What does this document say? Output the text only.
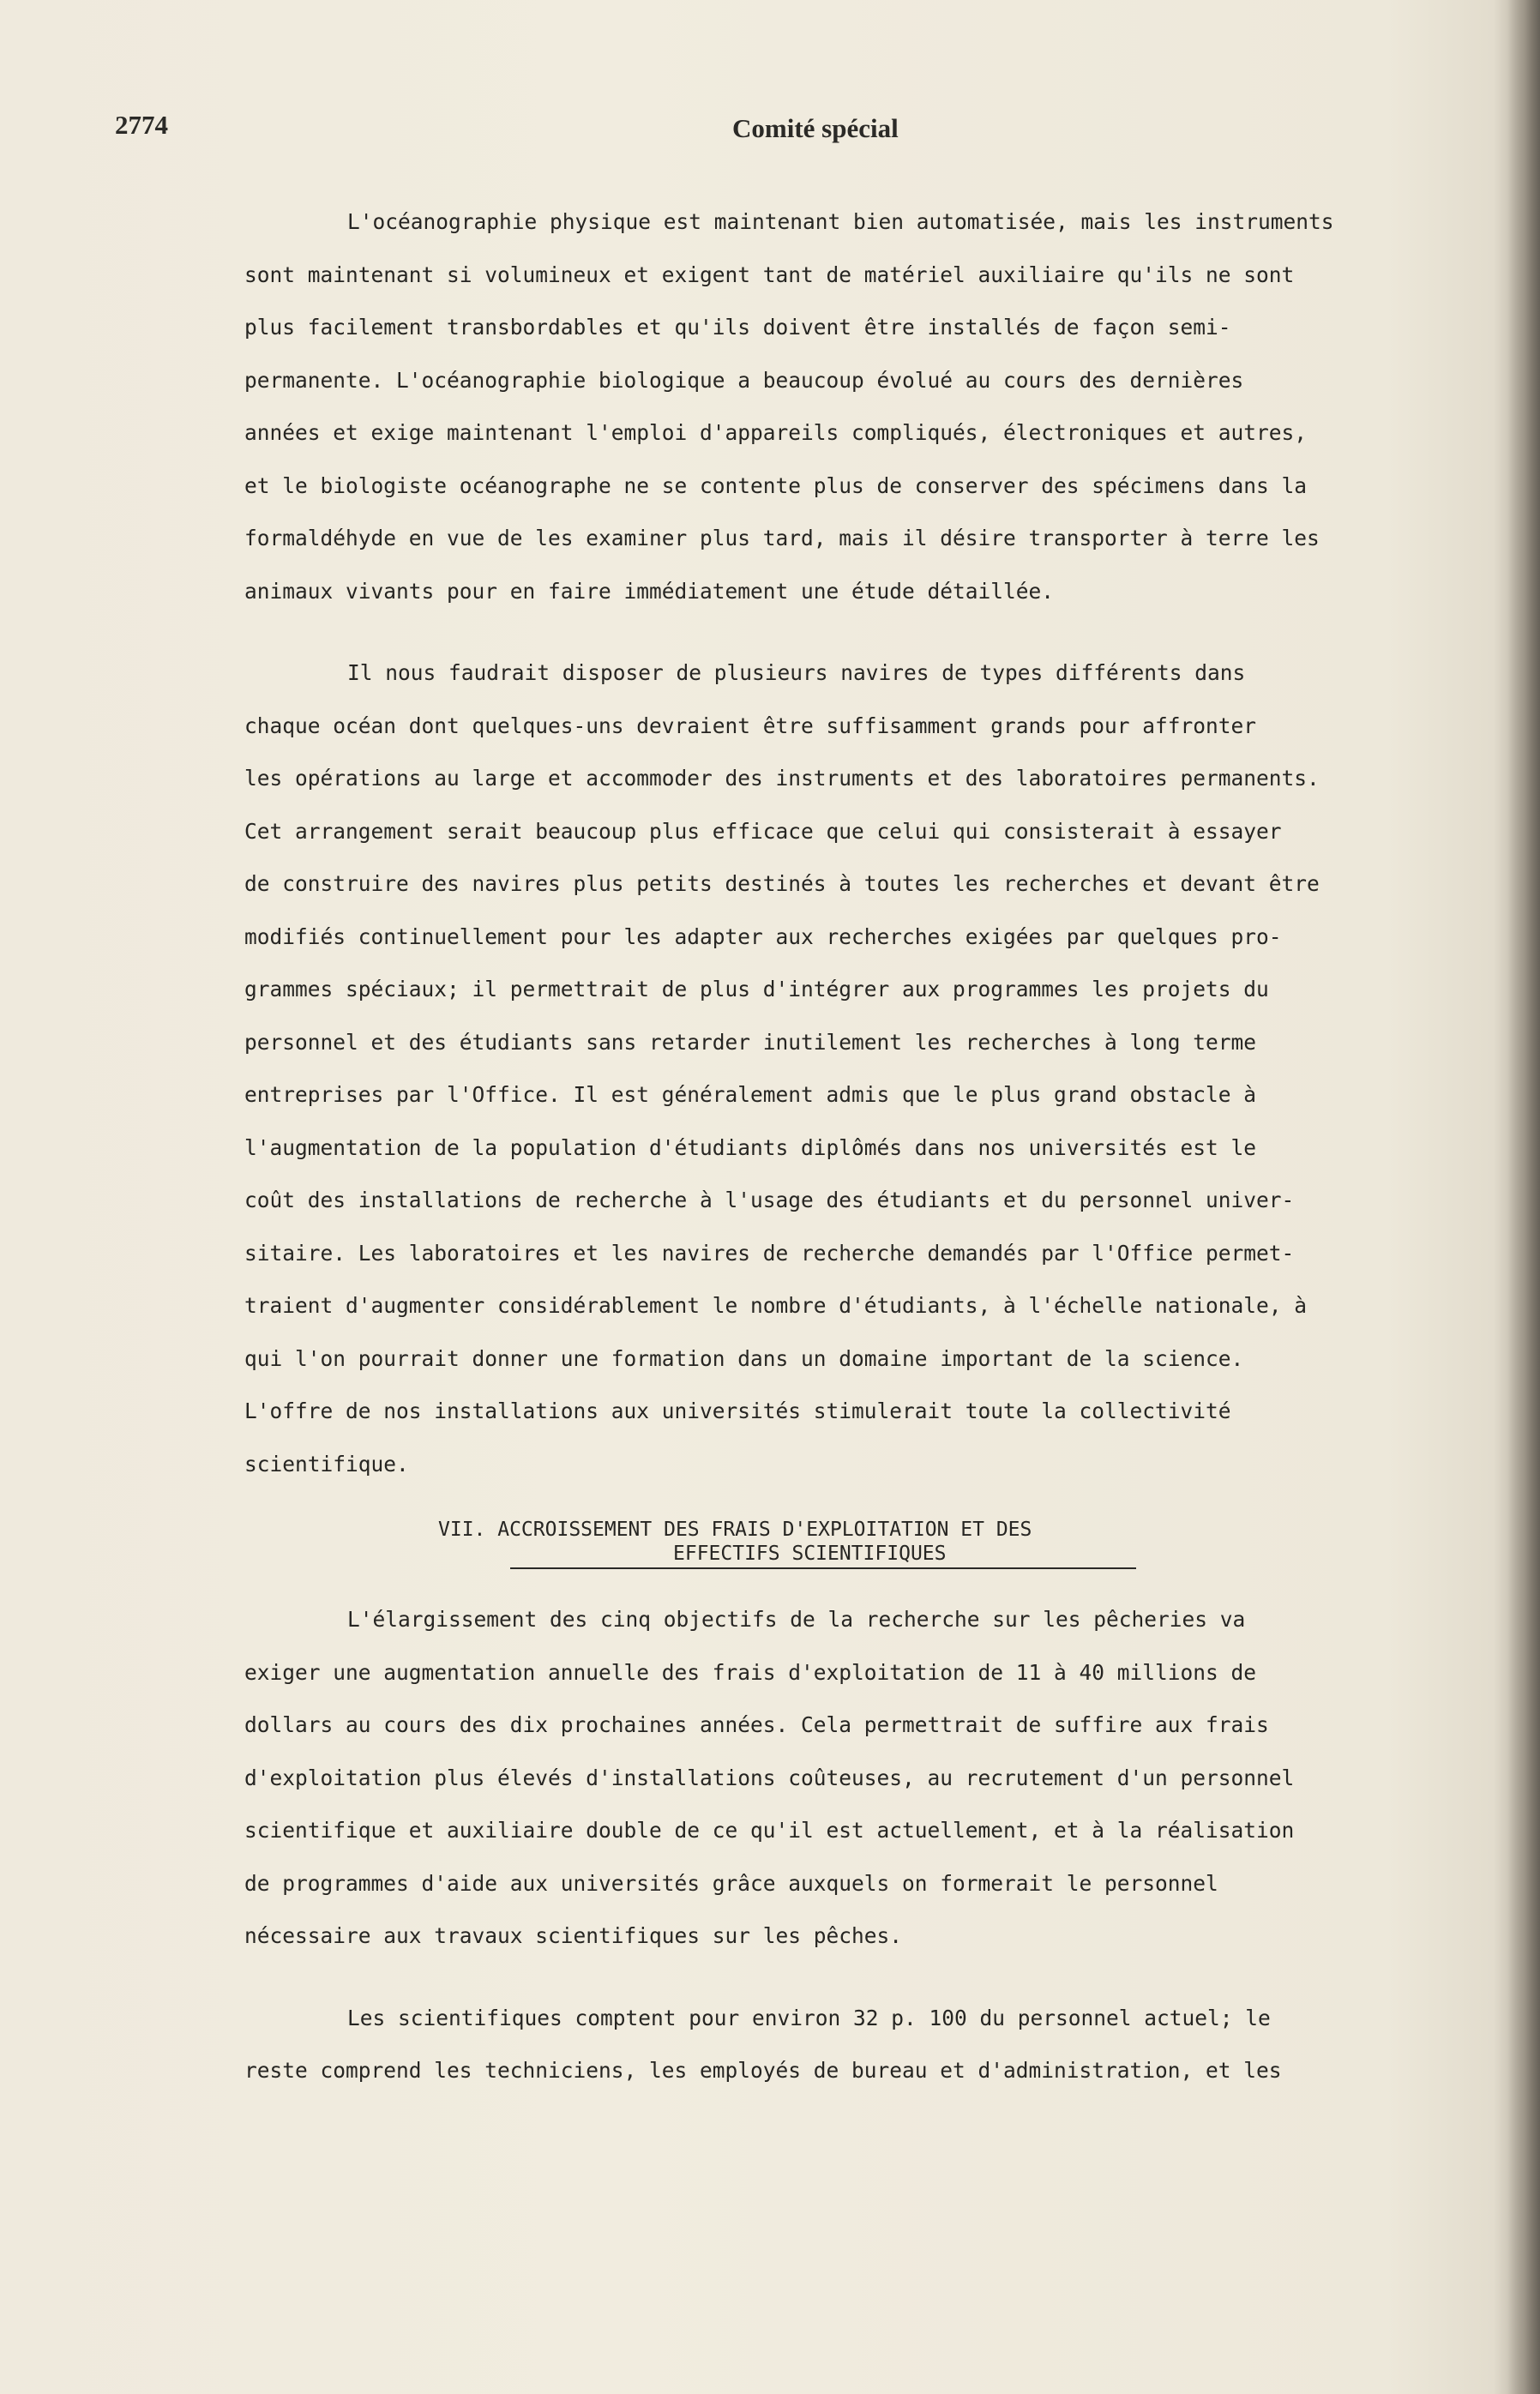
2774	Comité spécial
L'océanographie physique est maintenant bien automatisée, mais les instruments
sont maintenant si volumineux et exigent tant de matériel auxiliaire qu'ils ne sont
plus facilement transbordables et qu'ils doivent être installés de façon semi-
permanente. L'océanographie biologique a beaucoup évolué au cours des dernières
années et exige maintenant l'emploi d'appareils compliqués, électroniques et autres,
et le biologiste océanographe ne se contente plus de conserver des spécimens dans la
formaldéhyde en vue de les examiner plus tard, mais il désire transporter à terre les
animaux vivants pour en faire immédiatement une étude détaillée.
Il nous faudrait disposer de plusieurs navires de types différents dans
chaque océan dont quelques-uns devraient être suffisamment grands pour affronter
les opérations au large et accommoder des instruments et des laboratoires permanents.
Cet arrangement serait beaucoup plus efficace que celui qui consisterait à essayer
de construire des navires plus petits destinés à toutes les recherches et devant être
modifiés continuellement pour les adapter aux recherches exigées par quelques pro-
grammes spéciaux; il permettrait de plus d'intégrer aux programmes les projets du
personnel et des étudiants sans retarder inutilement les recherches à long terme
entreprises par l'Office. Il est généralement admis que le plus grand obstacle à
l'augmentation de la population d'étudiants diplômés dans nos universités est le
coût des installations de recherche à l'usage des étudiants et du personnel univer-
sitaire. Les laboratoires et les navires de recherche demandés par l'Office permet-
traient d'augmenter considérablement le nombre d'étudiants, à l'échelle nationale, à
qui l'on pourrait donner une formation dans un domaine important de la science.
L'offre de nos installations aux universités stimulerait toute la collectivité
scientifique.
VII. ACCROISSEMENT DES FRAIS D'EXPLOITATION ET DES
EFFECTIFS SCIENTIFIQUES
L'élargissement des cinq objectifs de la recherche sur les pêcheries va
exiger une augmentation annuelle des frais d'exploitation de 11 à 40 millions de
dollars au cours des dix prochaines années. Cela permettrait de suffire aux frais
d'exploitation plus élevés d'installations coûteuses, au recrutement d'un personnel
scientifique et auxiliaire double de ce qu'il est actuellement, et à la réalisation
de programmes d'aide aux universités grâce auxquels on formerait le personnel
nécessaire aux travaux scientifiques sur les pêches.
Les scientifiques comptent pour environ 32 p. 100 du personnel actuel; le
reste comprend les techniciens, les employés de bureau et d'administration, et les
